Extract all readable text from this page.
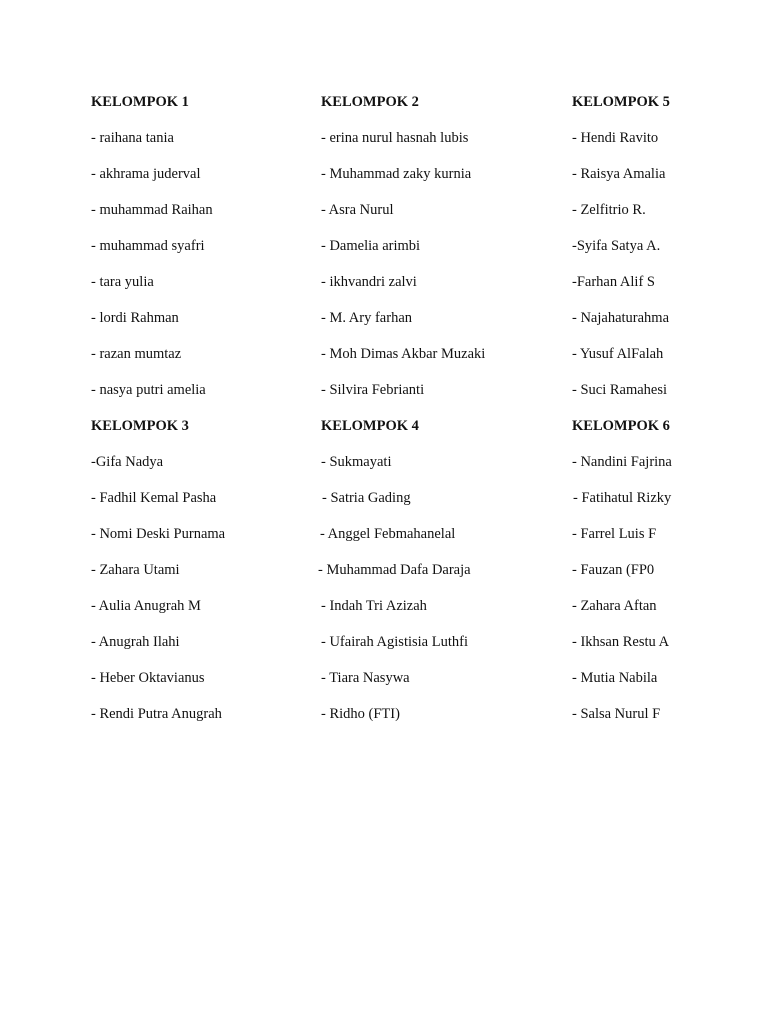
KELOMPOK 1
- raihana tania
- akhrama juderval
- muhammad Raihan
- muhammad syafri
- tara yulia
- lordi Rahman
- razan mumtaz
- nasya putri amelia
KELOMPOK 2
- erina nurul hasnah lubis
- Muhammad zaky kurnia
- Asra Nurul
- Damelia arimbi
- ikhvandri zalvi
- M. Ary farhan
- Moh Dimas Akbar Muzaki
- Silvira Febrianti
KELOMPOK 5
- Hendi Ravito
- Raisya Amalia
- Zelfitrio R.
-Syifa Satya A.
-Farhan Alif S
- Najahaturahma
- Yusuf AlFalah
- Suci Ramahesi
KELOMPOK 3
-Gifa Nadya
- Fadhil Kemal Pasha
- Nomi Deski Purnama
- Zahara Utami
- Aulia Anugrah M
- Anugrah Ilahi
- Heber Oktavianus
- Rendi Putra Anugrah
KELOMPOK 4
- Sukmayati
- Satria Gading
- Anggel Febmahanelal
- Muhammad Dafa Daraja
- Indah Tri Azizah
- Ufairah Agistisia Luthfi
- Tiara Nasywa
- Ridho (FTI)
KELOMPOK 6
- Nandini Fajrina
- Fatihatul Rizky
- Farrel Luis F
- Fauzan (FP0
- Zahara Aftan
- Ikhsan Restu A
- Mutia Nabila
- Salsa Nurul F
